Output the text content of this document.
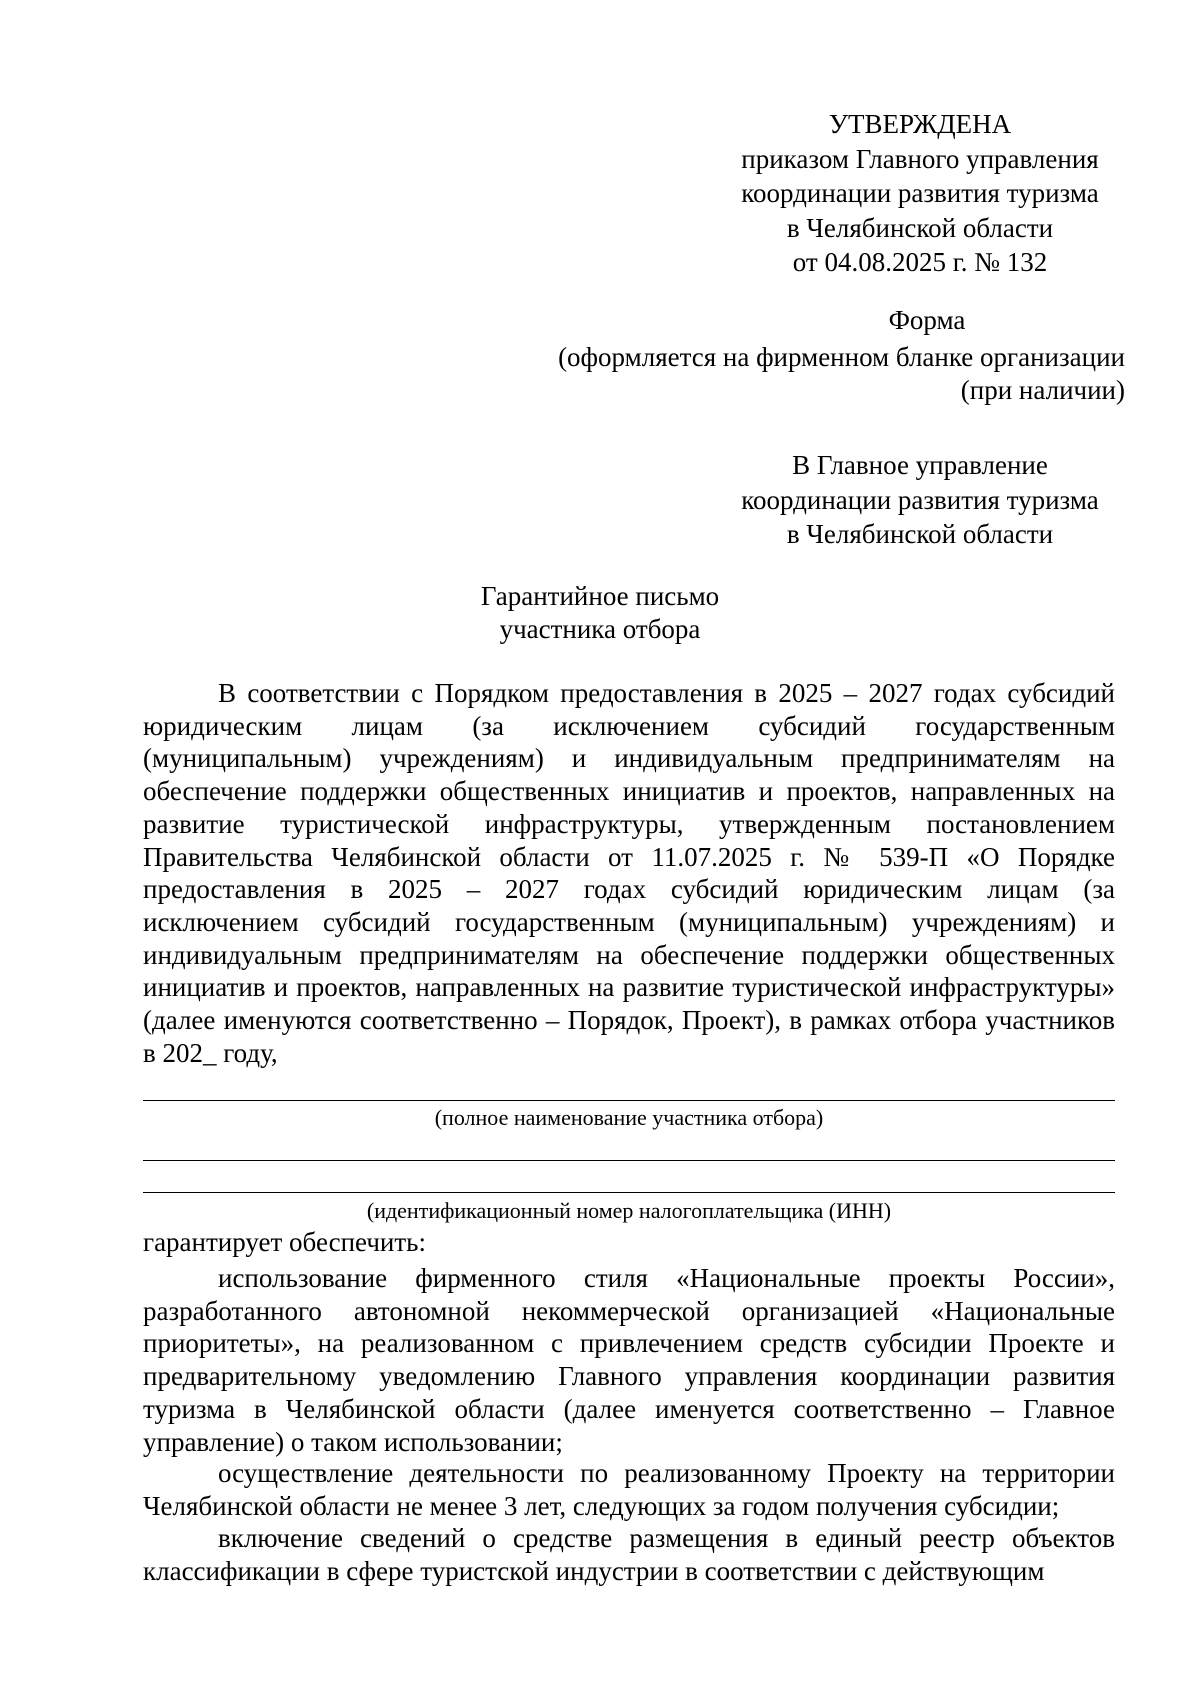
УТВЕРЖДЕНА
приказом Главного управления
координации развития туризма
в Челябинской области
от 04.08.2025 г. № 132
Форма
(оформляется на фирменном бланке организации
(при наличии)
В Главное управление
координации развития туризма
в Челябинской области
Гарантийное письмо
участника отбора
В соответствии с Порядком предоставления в 2025 – 2027 годах субсидий юридическим лицам (за исключением субсидий государственным (муниципальным) учреждениям) и индивидуальным предпринимателям на обеспечение поддержки общественных инициатив и проектов, направленных на развитие туристической инфраструктуры, утвержденным постановлением Правительства Челябинской области от 11.07.2025 г. № 539-П «О Порядке предоставления в 2025 – 2027 годах субсидий юридическим лицам (за исключением субсидий государственным (муниципальным) учреждениям) и индивидуальным предпринимателям на обеспечение поддержки общественных инициатив и проектов, направленных на развитие туристической инфраструктуры» (далее именуются соответственно – Порядок, Проект), в рамках отбора участников в 202_ году,
(полное наименование участника отбора)
(идентификационный номер налогоплательщика (ИНН)
гарантирует обеспечить:
использование фирменного стиля «Национальные проекты России», разработанного автономной некоммерческой организацией «Национальные приоритеты», на реализованном с привлечением средств субсидии Проекте и предварительному уведомлению Главного управления координации развития туризма в Челябинской области (далее именуется соответственно – Главное управление) о таком использовании;
осуществление деятельности по реализованному Проекту на территории Челябинской области не менее 3 лет, следующих за годом получения субсидии;
включение сведений о средстве размещения в единый реестр объектов классификации в сфере туристской индустрии в соответствии с действующим
